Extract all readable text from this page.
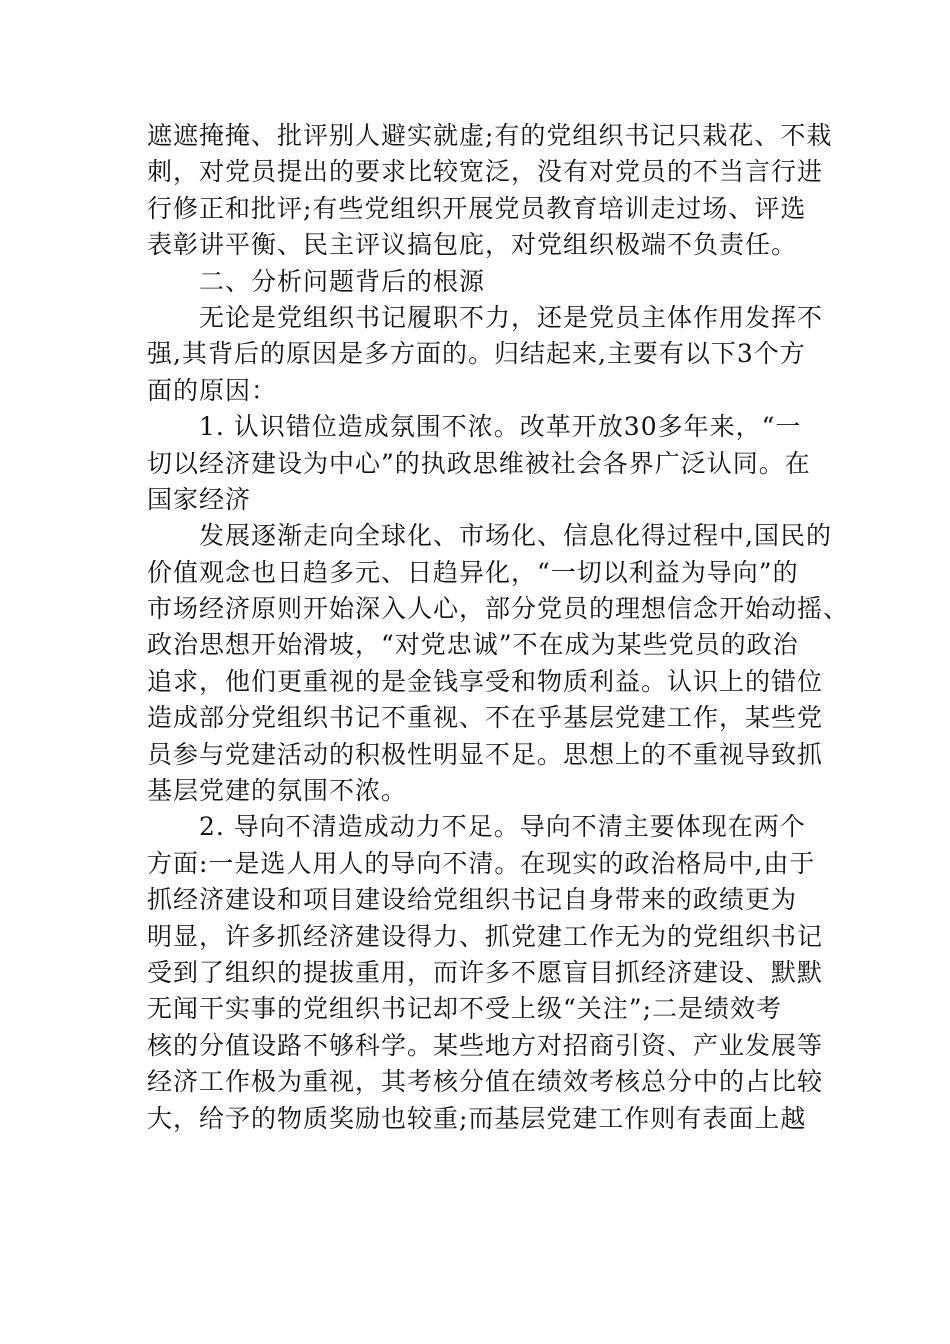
遮遮掩掩、批评别人避实就虚;有的党组织书记只栽花、不栽
刺，对党员提出的要求比较宽泛，没有对党员的不当言行进
行修正和批评;有些党组织开展党员教育培训走过场、评选
表彰讲平衡、民主评议搞包庇，对党组织极端不负责任。
二、分析问题背后的根源
无论是党组织书记履职不力，还是党员主体作用发挥不
强,其背后的原因是多方面的。归结起来,主要有以下3个方
面的原因：
1. 认识错位造成氛围不浓。改革开放30多年来，“一
切以经济建设为中心”的执政思维被社会各界广泛认同。在
国家经济
发展逐渐走向全球化、市场化、信息化得过程中,国民的
价值观念也日趋多元、日趋异化，“一切以利益为导向”的
市场经济原则开始深入人心，部分党员的理想信念开始动摇、
政治思想开始滑坡，“对党忠诚”不在成为某些党员的政治
追求，他们更重视的是金钱享受和物质利益。认识上的错位
造成部分党组织书记不重视、不在乎基层党建工作，某些党
员参与党建活动的积极性明显不足。思想上的不重视导致抓
基层党建的氛围不浓。
2. 导向不清造成动力不足。导向不清主要体现在两个
方面:一是选人用人的导向不清。在现实的政治格局中,由于
抓经济建设和项目建设给党组织书记自身带来的政绩更为
明显，许多抓经济建设得力、抓党建工作无为的党组织书记
受到了组织的提拔重用，而许多不愿盲目抓经济建设、默默
无闻干实事的党组织书记却不受上级“关注”;二是绩效考
核的分值设路不够科学。某些地方对招商引资、产业发展等
经济工作极为重视，其考核分值在绩效考核总分中的占比较
大，给予的物质奖励也较重;而基层党建工作则有表面上越
